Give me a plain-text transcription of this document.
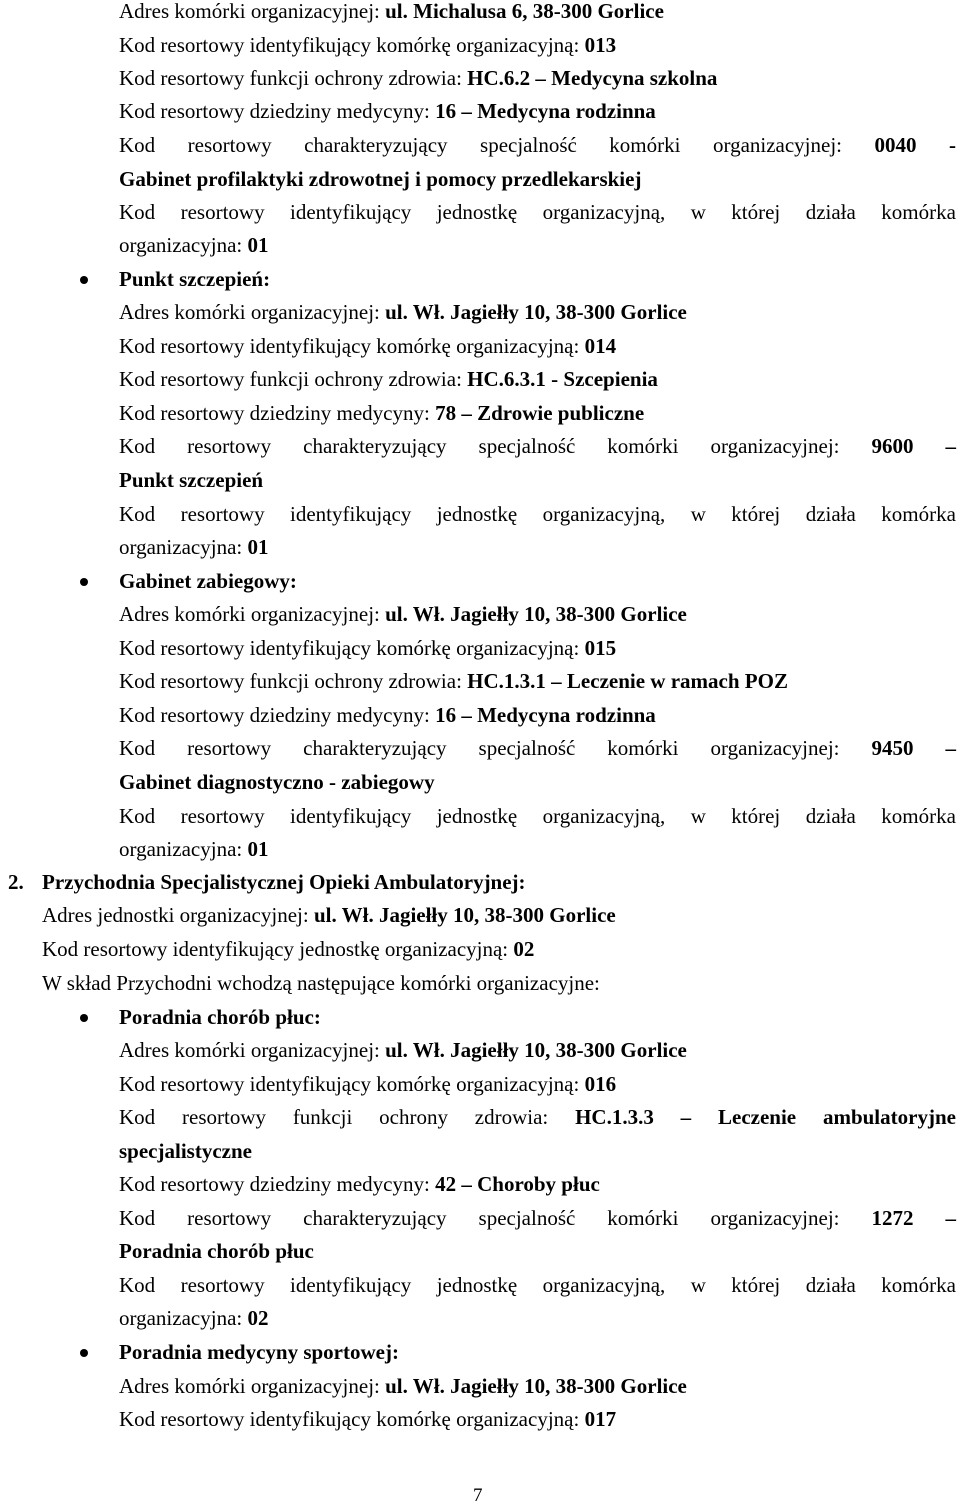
Adres komórki organizacyjnej: ul. Michalusa 6, 38-300 Gorlice
Kod resortowy identyfikujący komórkę organizacyjną: 013
Kod resortowy funkcji ochrony zdrowia: HC.6.2 – Medycyna szkolna
Kod resortowy dziedziny medycyny: 16 – Medycyna rodzinna
Kod resortowy charakteryzujący specjalność komórki organizacyjnej: 0040 -
Gabinet profilaktyki zdrowotnej i pomocy przedlekarskiej
Kod resortowy identyfikujący jednostkę organizacyjną, w której działa komórka
organizacyjna: 01
Punkt szczepień:
Adres komórki organizacyjnej: ul. Wł. Jagiełły 10, 38-300 Gorlice
Kod resortowy identyfikujący komórkę organizacyjną: 014
Kod resortowy funkcji ochrony zdrowia: HC.6.3.1 - Szcepienia
Kod resortowy dziedziny medycyny: 78 – Zdrowie publiczne
Kod resortowy charakteryzujący specjalność komórki organizacyjnej: 9600 –
Punkt szczepień
Kod resortowy identyfikujący jednostkę organizacyjną, w której działa komórka
organizacyjna: 01
Gabinet zabiegowy:
Adres komórki organizacyjnej: ul. Wł. Jagiełły 10, 38-300 Gorlice
Kod resortowy identyfikujący komórkę organizacyjną: 015
Kod resortowy funkcji ochrony zdrowia: HC.1.3.1 – Leczenie w ramach POZ
Kod resortowy dziedziny medycyny: 16 – Medycyna rodzinna
Kod resortowy charakteryzujący specjalność komórki organizacyjnej: 9450 –
Gabinet diagnostyczno - zabiegowy
Kod resortowy identyfikujący jednostkę organizacyjną, w której działa komórka
organizacyjna: 01
2. Przychodnia Specjalistycznej Opieki Ambulatoryjnej:
Adres jednostki organizacyjnej: ul. Wł. Jagiełły 10, 38-300 Gorlice
Kod resortowy identyfikujący jednostkę organizacyjną: 02
W skład Przychodni wchodzą następujące komórki organizacyjne:
Poradnia chorób płuc:
Adres komórki organizacyjnej: ul. Wł. Jagiełły 10, 38-300 Gorlice
Kod resortowy identyfikujący komórkę organizacyjną: 016
Kod resortowy funkcji ochrony zdrowia: HC.1.3.3 – Leczenie ambulatoryjne
specjalistyczne
Kod resortowy dziedziny medycyny: 42 – Choroby płuc
Kod resortowy charakteryzujący specjalność komórki organizacyjnej: 1272 –
Poradnia chorób płuc
Kod resortowy identyfikujący jednostkę organizacyjną, w której działa komórka
organizacyjna: 02
Poradnia medycyny sportowej:
Adres komórki organizacyjnej: ul. Wł. Jagiełły 10, 38-300 Gorlice
Kod resortowy identyfikujący komórkę organizacyjną: 017
7
